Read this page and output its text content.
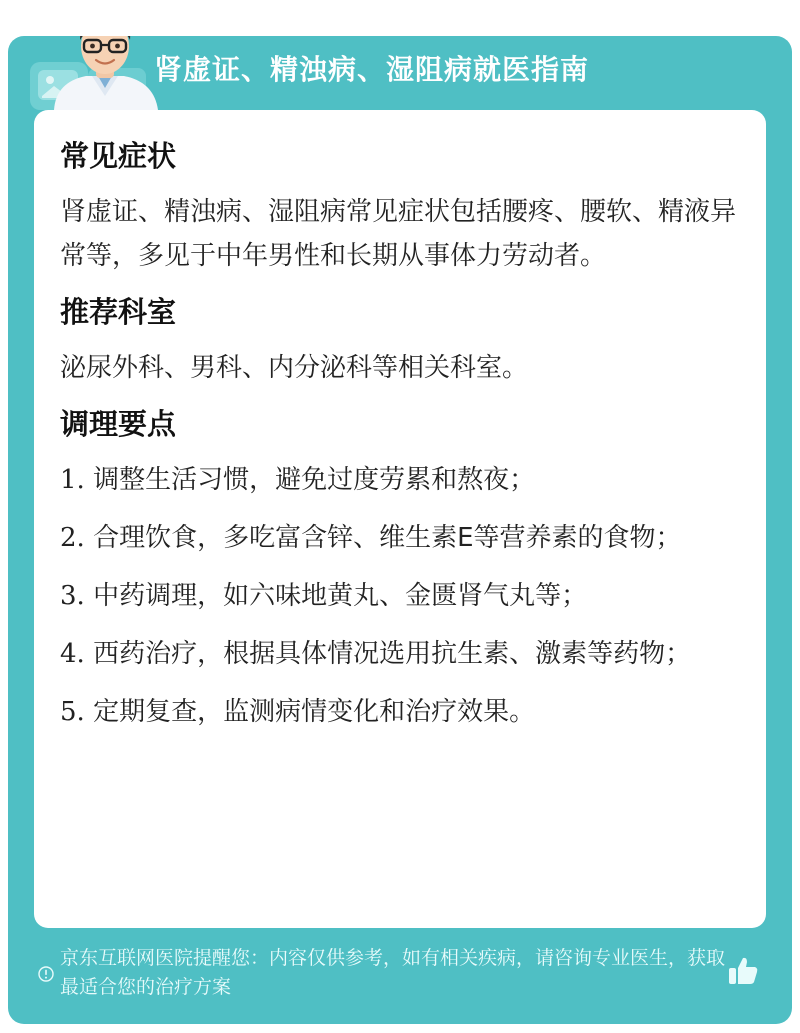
肾虚证、精浊病、湿阻病就医指南
常见症状
肾虚证、精浊病、湿阻病常见症状包括腰疼、腰软、精液异常等，多见于中年男性和长期从事体力劳动者。
推荐科室
泌尿外科、男科、内分泌科等相关科室。
调理要点
1. 调整生活习惯，避免过度劳累和熬夜；
2. 合理饮食，多吃富含锌、维生素E等营养素的食物；
3. 中药调理，如六味地黄丸、金匮肾气丸等；
4. 西药治疗，根据具体情况选用抗生素、激素等药物；
5. 定期复查，监测病情变化和治疗效果。
京东互联网医院提醒您：内容仅供参考，如有相关疾病，请咨询专业医生，获取最适合您的治疗方案
